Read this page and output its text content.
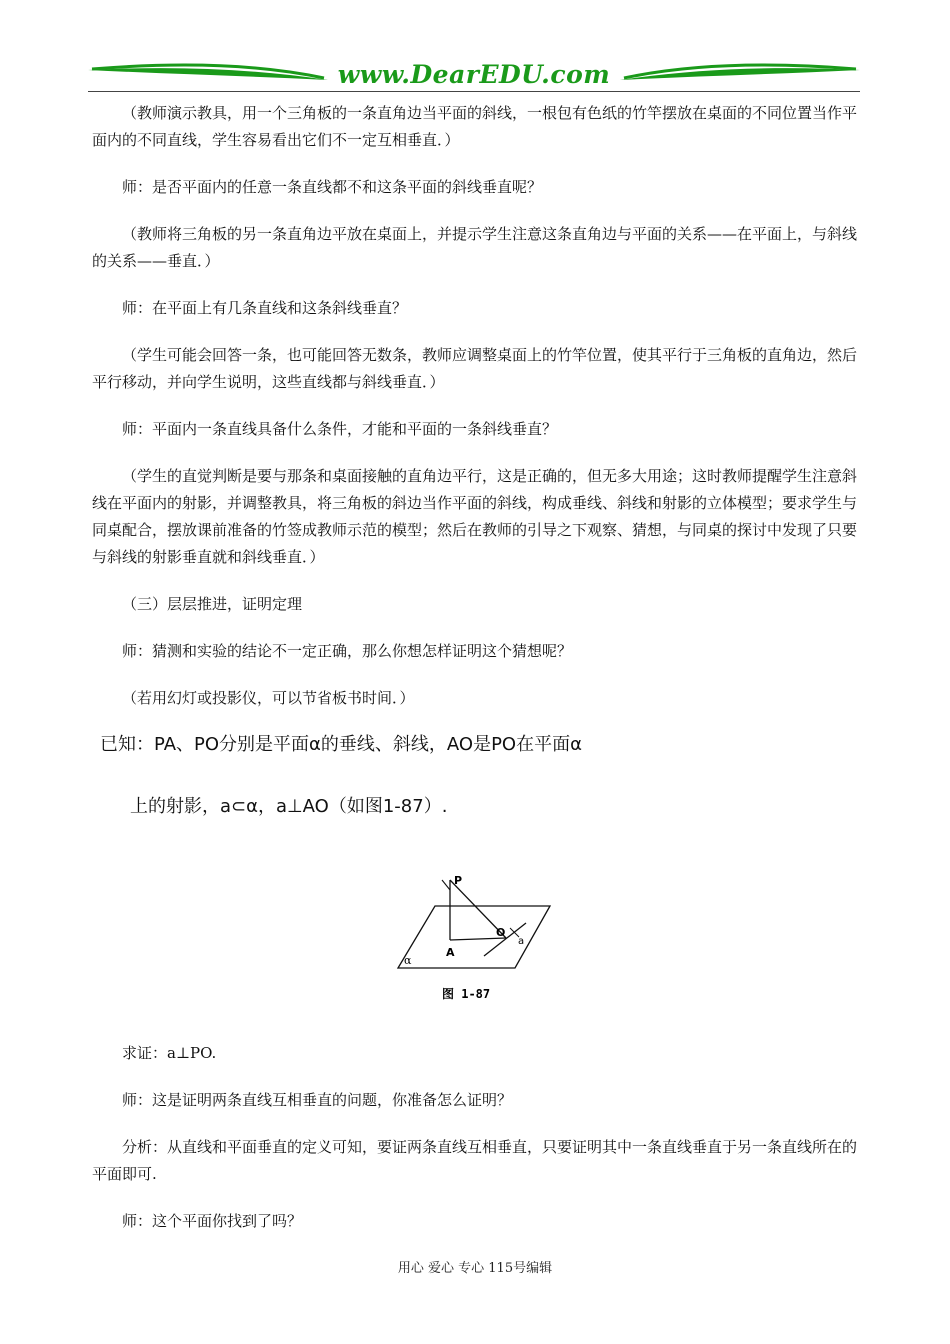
www.DearEDU.com

（教师演示教具，用一个三角板的一条直角边当平面的斜线，一根包有色纸的竹竿摆放在桌面的不同位置当作平面内的不同直线，学生容易看出它们不一定互相垂直．）

师：是否平面内的任意一条直线都不和这条平面的斜线垂直呢？

（教师将三角板的另一条直角边平放在桌面上，并提示学生注意这条直角边与平面的关系——在平面上，与斜线的关系——垂直．）

师：在平面上有几条直线和这条斜线垂直？

（学生可能会回答一条，也可能回答无数条，教师应调整桌面上的竹竿位置，使其平行于三角板的直角边，然后平行移动，并向学生说明，这些直线都与斜线垂直．）

师：平面内一条直线具备什么条件，才能和平面的一条斜线垂直？

（学生的直觉判断是要与那条和桌面接触的直角边平行，这是正确的，但无多大用途；这时教师提醒学生注意斜线在平面内的射影，并调整教具，将三角板的斜边当作平面的斜线，构成垂线、斜线和射影的立体模型；要求学生与同桌配合，摆放课前准备的竹签成教师示范的模型；然后在教师的引导之下观察、猜想，与同桌的探讨中发现了只要与斜线的射影垂直就和斜线垂直．）

（三）层层推进，证明定理

师：猜测和实验的结论不一定正确，那么你想怎样证明这个猜想呢？

（若用幻灯或投影仪，可以节省板书时间．）

已知：PA、PO分别是平面α的垂线、斜线，AO是PO在平面α

上的射影，a⊂α，a⊥AO（如图1-87）.

P
A
O
a
α
图 1-87

求证：a⊥PO.

师：这是证明两条直线互相垂直的问题，你准备怎么证明？

分析：从直线和平面垂直的定义可知，要证两条直线互相垂直，只要证明其中一条直线垂直于另一条直线所在的平面即可.

师：这个平面你找到了吗？

用心 爱心 专心 115号编辑
